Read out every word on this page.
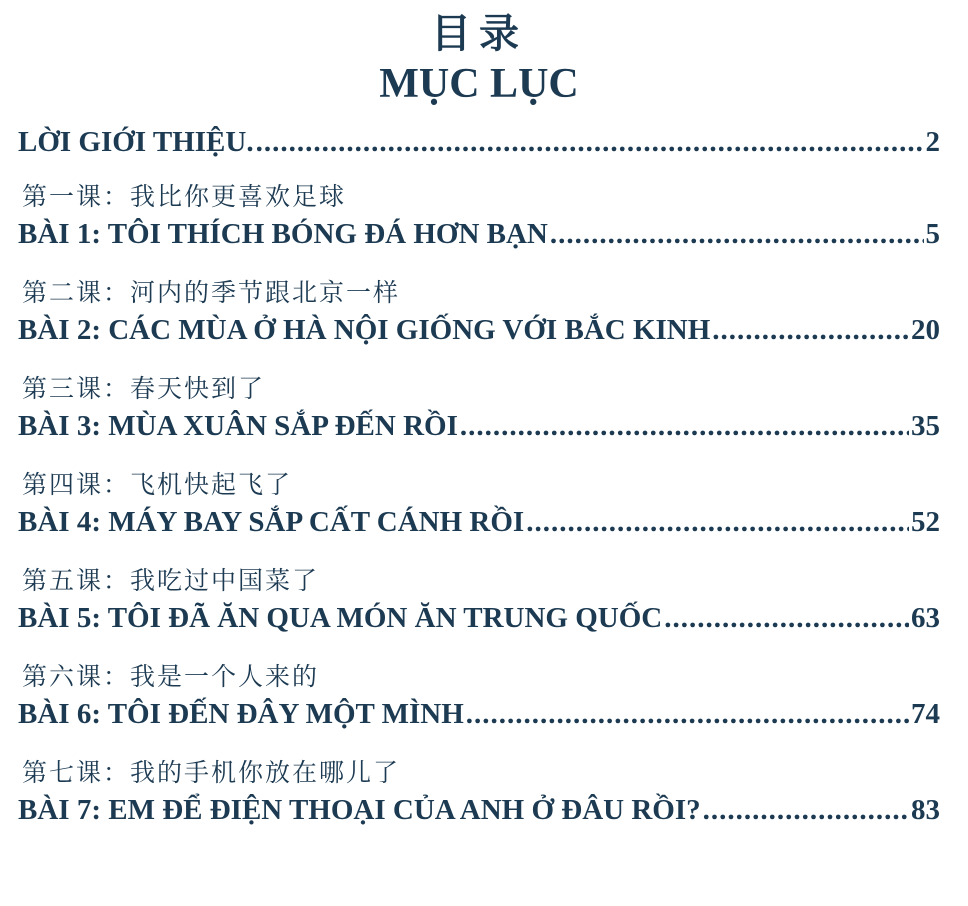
目录
MỤC LỤC
LỜI GIỚI THIỆU. .....	2
第一课：我比你更喜欢足球
BÀI 1: TÔI THÍCH BÓNG ĐÁ HƠN BẠN .....	5
第二课：河内的季节跟北京一样
BÀI 2: CÁC MÙA Ở HÀ NỘI GIỐNG VỚI BẮC KINH .....	20
第三课：春天快到了
BÀI 3: MÙA XUÂN SẮP ĐẾN RỒI .....	35
第四课：飞机快起飞了
BÀI 4: MÁY BAY SẮP CẤT CÁNH RỒI .....	52
第五课：我吃过中国菜了
BÀI 5: TÔI ĐÃ ĂN QUA MÓN ĂN TRUNG QUỐC .....	63
第六课：我是一个人来的
BÀI 6: TÔI ĐẾN ĐÂY MỘT MÌNH .....	74
第七课：我的手机你放在哪儿了
BÀI 7: EM ĐỂ ĐIỆN THOẠI CỦA ANH Ở ĐÂU RỒI? .....	83
